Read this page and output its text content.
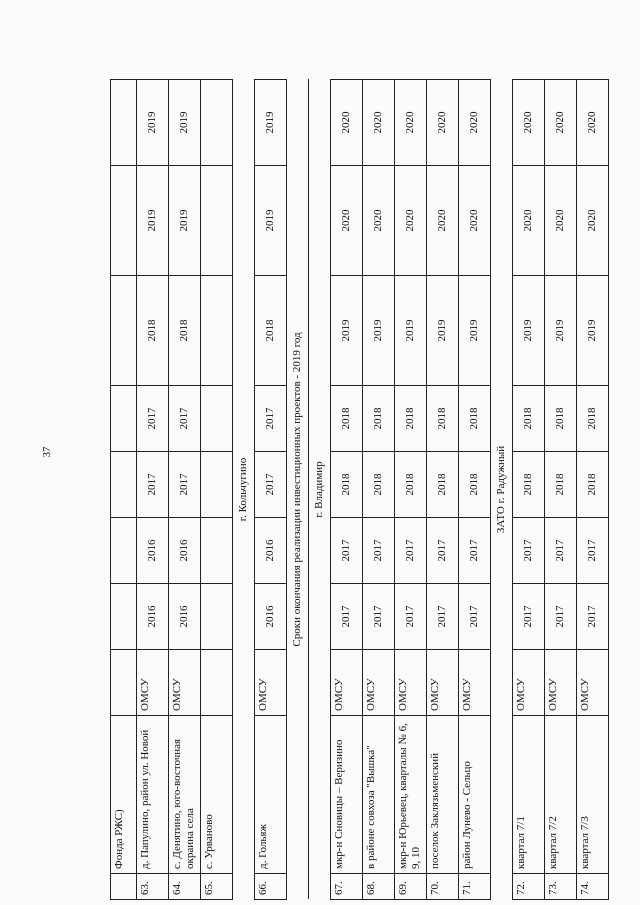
37
	Фонда РЖС)								
63.	д. Папулино, район ул. Новой	ОМСУ	2016	2016	2017	2017	2018	2019	2019
64.	с. Денятино, юго-восточная окраина села	ОМСУ	2016	2016	2017	2017	2018	2019	2019
65.	с. Урвaново								
г. Кольчугино									
66.	д. Гольяж	ОМСУ	2016	2016	2017	2017	2018	2019	2019
Сроки окончания реализации инвестиционных проектов - 2019 год									
г. Владимир									
67.	мкр-н Сновицы – Веризино	ОМСУ	2017	2017	2018	2018	2019	2020	2020
68.	в районе совхоза "Вышка"	ОМСУ	2017	2017	2018	2018	2019	2020	2020
69.	мкр-н Юрьевец, кварталы № 6, 9, 10	ОМСУ	2017	2017	2018	2018	2019	2020	2020
70.	поселок Заклязьменский	ОМСУ	2017	2017	2018	2018	2019	2020	2020
71.	район Лунево - Сельцо	ОМСУ	2017	2017	2018	2018	2019	2020	2020
ЗАТО г. Радужный									
72.	квартал 7/1	ОМСУ	2017	2017	2018	2018	2019	2020	2020
73.	квартал 7/2	ОМСУ	2017	2017	2018	2018	2019	2020	2020
74.	квартал 7/3	ОМСУ	2017	2017	2018	2018	2019	2020	2020
